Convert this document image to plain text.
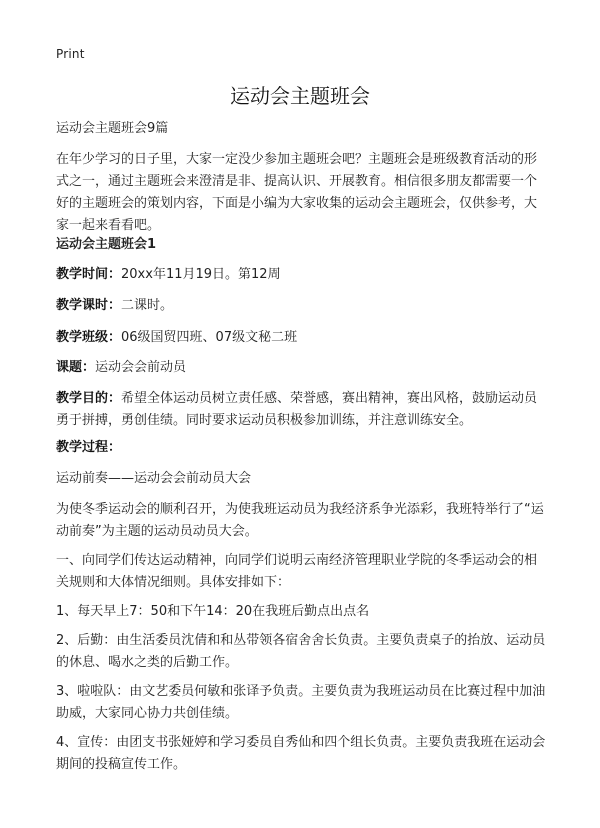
Print
运动会主题班会

运动会主题班会9篇

在年少学习的日子里，大家一定没少参加主题班会吧？主题班会是班级教育活动的形式之一，通过主题班会来澄清是非、提高认识、开展教育。相信很多朋友都需要一个好的主题班会的策划内容，下面是小编为大家收集的运动会主题班会，仅供参考，大家一起来看看吧。

运动会主题班会1

教学时间：20xx年11月19日。第12周

教学课时：二课时。

教学班级：06级国贸四班、07级文秘二班

课题：运动会会前动员

教学目的：希望全体运动员树立责任感、荣誉感，赛出精神，赛出风格，鼓励运动员勇于拼搏，勇创佳绩。同时要求运动员积极参加训练，并注意训练安全。

教学过程：

运动前奏——运动会会前动员大会

为使冬季运动会的顺利召开，为使我班运动员为我经济系争光添彩，我班特举行了“运动前奏”为主题的运动员动员大会。

一、向同学们传达运动精神，向同学们说明云南经济管理职业学院的冬季运动会的相关规则和大体情况细则。具体安排如下：

1、每天早上7：50和下午14：20在我班后勤点出点名

2、后勤：由生活委员沈倩和和丛带领各宿舍舍长负责。主要负责桌子的抬放、运动员的休息、喝水之类的后勤工作。

3、啦啦队：由文艺委员何敏和张译予负责。主要负责为我班运动员在比赛过程中加油助威，大家同心协力共创佳绩。

4、宣传：由团支书张娅婷和学习委员自秀仙和四个组长负责。主要负责我班在运动会期间的投稿宣传工作。
